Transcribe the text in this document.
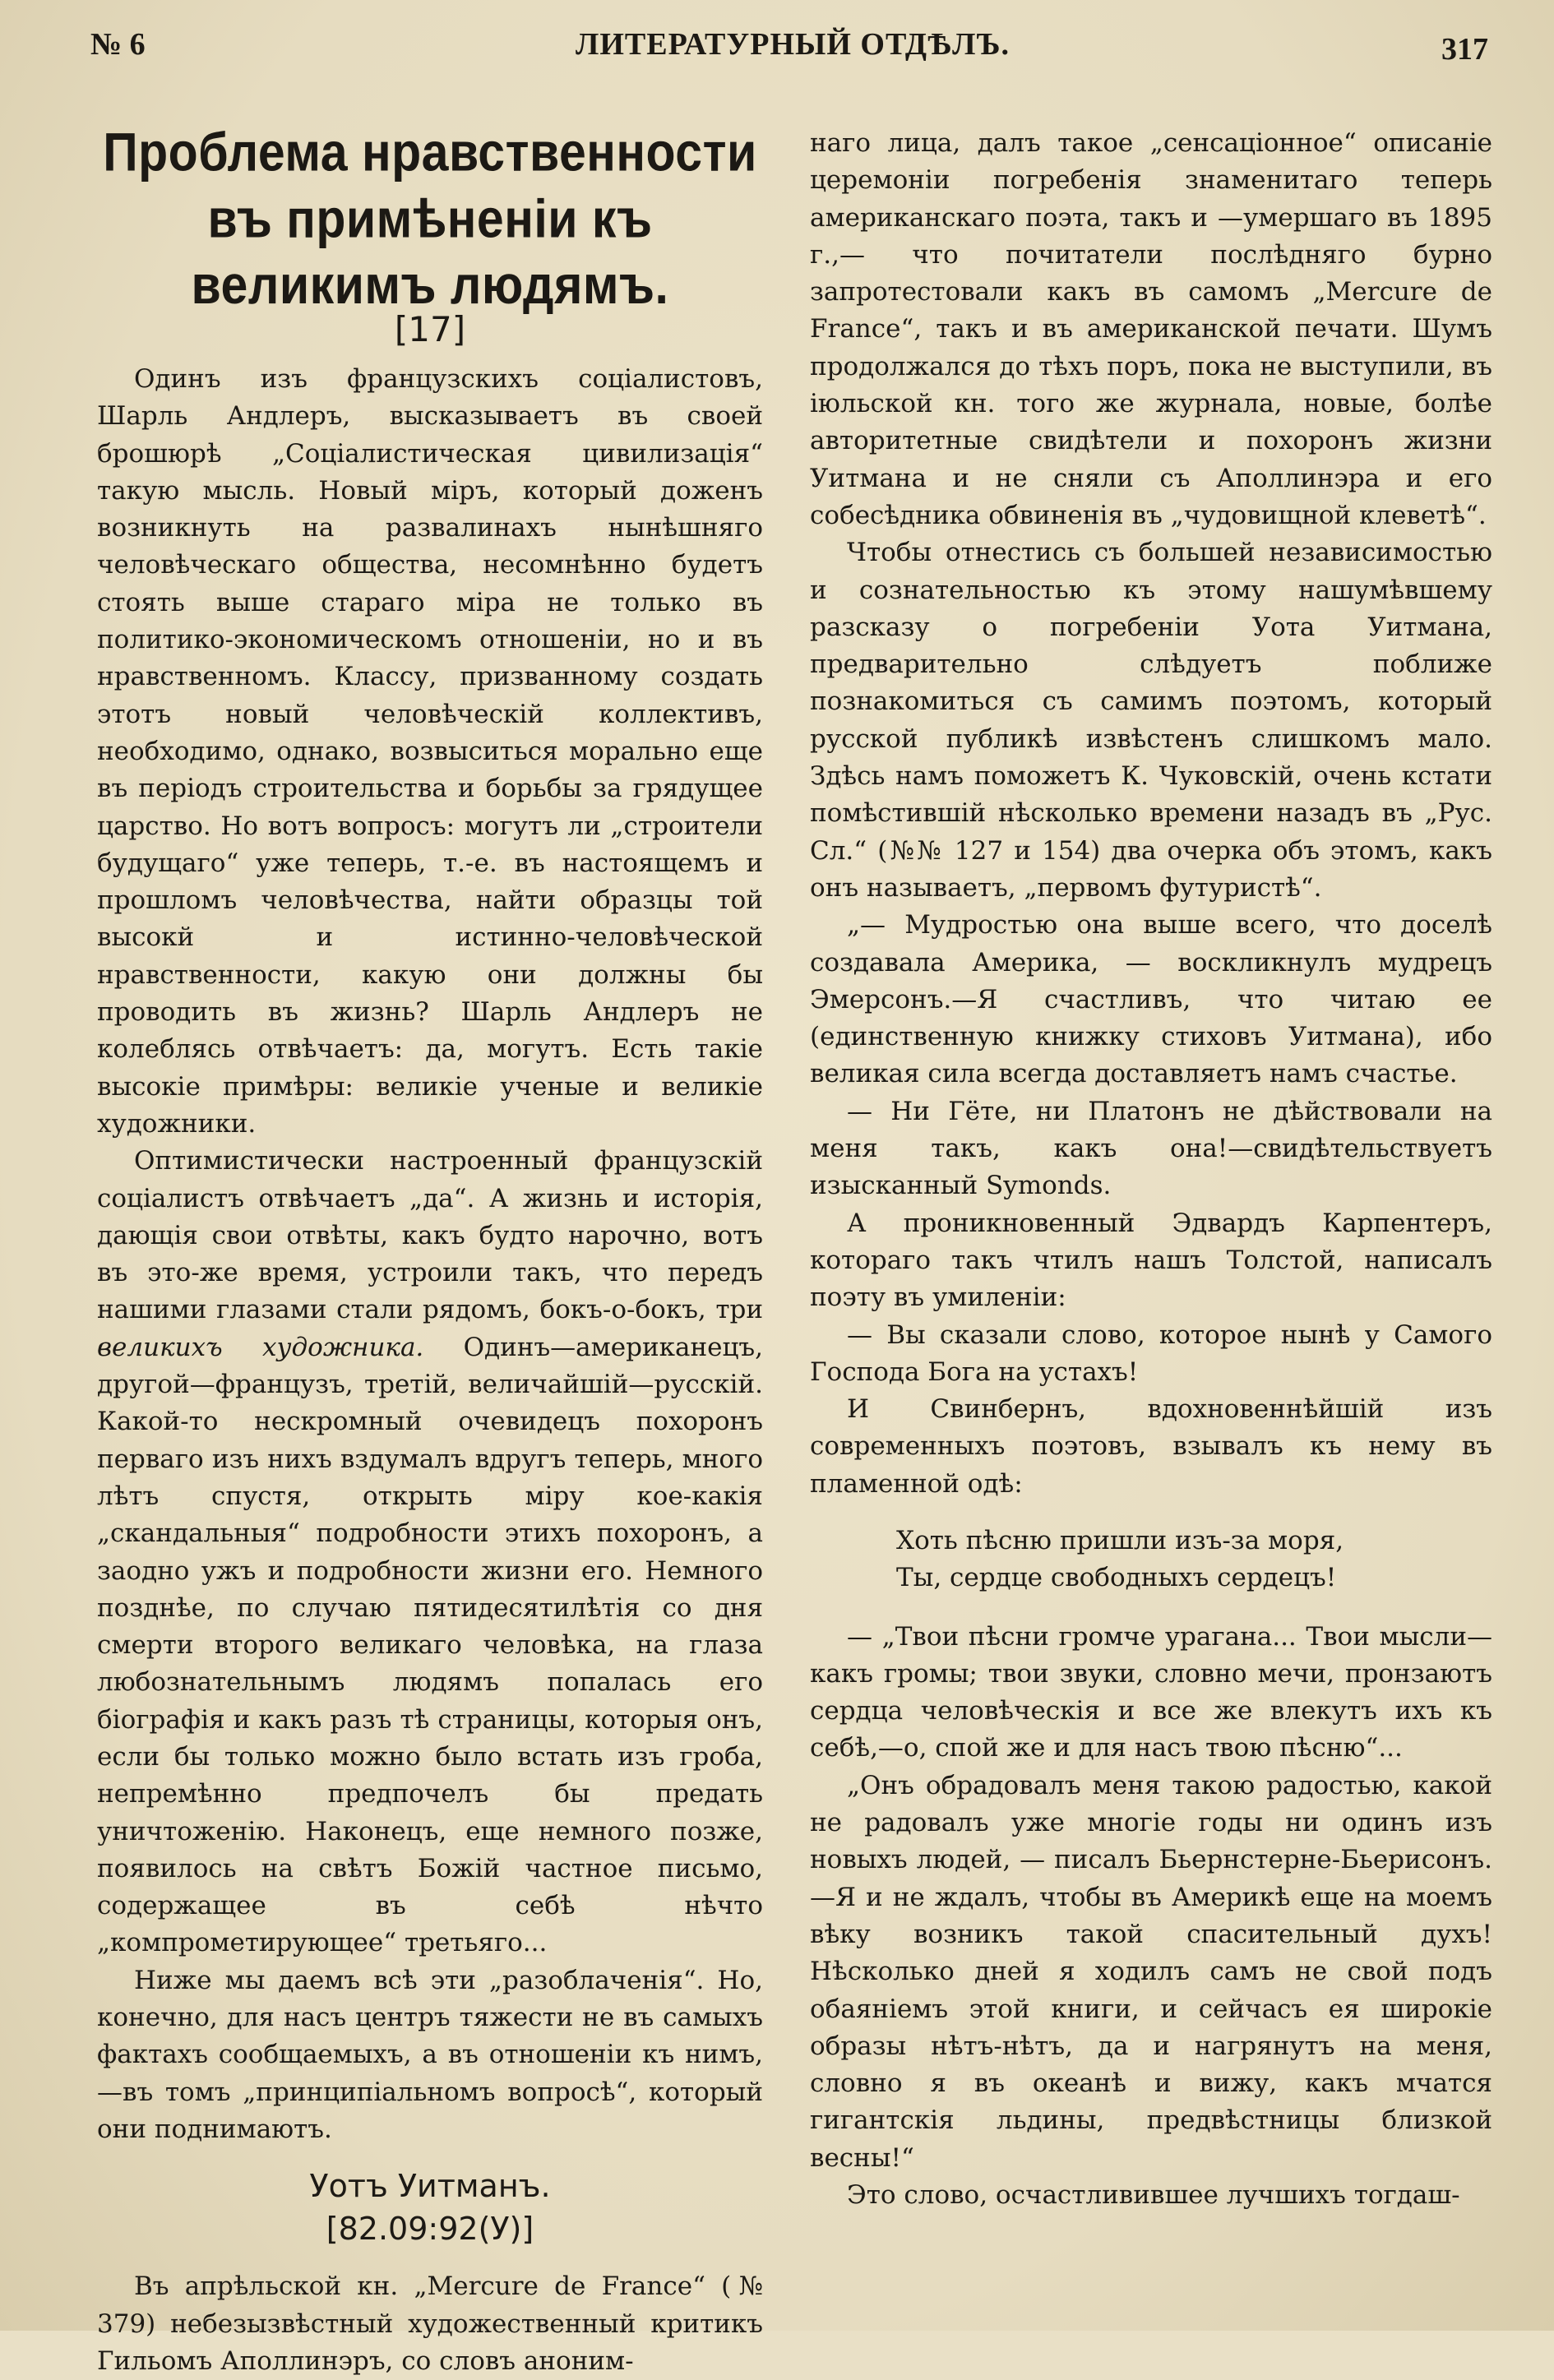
№ 6	ЛИТЕРАТУРНЫЙ ОТДѢЛЪ.	317
Проблема нравственности въ примѣненіи къ великимъ людямъ.
[17]

Одинъ изъ французскихъ соціалистовъ, Шарль Андлеръ, высказываетъ въ своей брошюрѣ „Соціалистическая цивилизація“ такую мысль. Новый міръ, который доженъ возникнуть на развалинахъ нынѣшняго человѣческаго общества, несомнѣнно будетъ стоять выше стараго міра не только въ политико-экономическомъ отношеніи, но и въ нравственномъ. Классу, призванному создать этотъ новый человѣческій коллективъ, необходимо, однако, возвыситься морально еще въ періодъ строительства и борьбы за грядущее царство. Но вотъ вопросъ: могутъ ли „строители будущаго“ уже теперь, т.-е. въ настоящемъ и прошломъ человѣчества, найти образцы той высокй и истинно-человѣческой нравственности, какую они должны бы проводить въ жизнь? Шарль Андлеръ не колеблясь отвѣчаетъ: да, могутъ. Есть такіе высокіе примѣры: великіе ученые и великіе художники.

Оптимистически настроенный французскій соціалистъ отвѣчаетъ „да“. А жизнь и исторія, дающія свои отвѣты, какъ будто нарочно, вотъ въ это-же время, устроили такъ, что передъ нашими глазами стали рядомъ, бокъ-о-бокъ, три великихъ художника. Одинъ—американецъ, другой—французъ, третій, величайшій—русскій. Какой-то нескромный очевидецъ похоронъ перваго изъ нихъ вздумалъ вдругъ теперь, много лѣтъ спустя, открыть міру кое-какія „скандальныя“ подробности этихъ похоронъ, а заодно ужъ и подробности жизни его. Немного позднѣе, по случаю пятидесятилѣтія со дня смерти второго великаго человѣка, на глаза любознательнымъ людямъ попалась его біографія и какъ разъ тѣ страницы, которыя онъ, если бы только можно было встать изъ гроба, непремѣнно предпочелъ бы предать уничтоженію. Наконецъ, еще немного позже, появилось на свѣтъ Божій частное письмо, содержащее въ себѣ нѣчто „компрометирующее“ третьяго...

Ниже мы даемъ всѣ эти „разоблаченія“. Но, конечно, для насъ центръ тяжести не въ самыхъ фактахъ сообщаемыхъ, а въ отношеніи къ нимъ,—въ томъ „принципіальномъ вопросѣ“, который они поднимаютъ.

Уотъ Уитманъ.
[82.09:92(У)]

Въ апрѣльской кн. „Mercure de France“ (№ 379) небезызвѣстный художественный критикъ Гильомъ Аполлинэръ, со словъ аноним-

наго лица, далъ такое „сенсаціонное“ описаніе церемоніи погребенія знаменитаго теперь американскаго поэта, такъ и —умершаго въ 1895 г.,— что почитатели послѣдняго бурно запротестовали какъ въ самомъ „Mercure de France“, такъ и въ американской печати. Шумъ продолжался до тѣхъ поръ, пока не выступили, въ іюльской кн. того же журнала, новые, болѣе авторитетные свидѣтели и похоронъ жизни Уитмана и не сняли съ Аполлинэра и его собесѣдника обвиненія въ „чудовищной клеветѣ“.

Чтобы отнестись съ большей независимостью и сознательностью къ этому нашумѣвшему разсказу о погребеніи Уота Уитмана, предварительно слѣдуетъ поближе познакомиться съ самимъ поэтомъ, который русской публикѣ извѣстенъ слишкомъ мало. Здѣсь намъ поможетъ К. Чуковскій, очень кстати помѣстившій нѣсколько времени назадъ въ „Рус. Сл.“ (№№ 127 и 154) два очерка объ этомъ, какъ онъ называетъ, „первомъ футуристѣ“.

„— Мудростью она выше всего, что доселѣ создавала Америка, — воскликнулъ мудрецъ Эмерсонъ.—Я счастливъ, что читаю ее (единственную книжку стиховъ Уитмана), ибо великая сила всегда доставляетъ намъ счастье.

— Ни Гёте, ни Платонъ не дѣйствовали на меня такъ, какъ она!—свидѣтельствуетъ изысканный Symonds.

А проникновенный Эдвардъ Карпентеръ, котораго такъ чтилъ нашъ Толстой, написалъ поэту въ умиленіи:

— Вы сказали слово, которое нынѣ у Самого Господа Бога на устахъ!

И Свинбернъ, вдохновеннѣйшій изъ современныхъ поэтовъ, взывалъ къ нему въ пламенной одѣ:

Хоть пѣсню пришли изъ-за моря,
Ты, сердце свободныхъ сердецъ!

— „Твои пѣсни громче урагана... Твои мысли—какъ громы; твои звуки, словно мечи, пронзаютъ сердца человѣческія и все же влекутъ ихъ къ себѣ,—о, спой же и для насъ твою пѣсню“...

„Онъ обрадовалъ меня такою радостью, какой не радовалъ уже многіе годы ни одинъ изъ новыхъ людей, — писалъ Бьернстерне-Бьерисонъ.—Я и не ждалъ, чтобы въ Америкѣ еще на моемъ вѣку возникъ такой спасительный духъ! Нѣсколько дней я ходилъ самъ не свой подъ обаяніемъ этой книги, и сейчасъ ея широкіе образы нѣтъ-нѣтъ, да и нагрянутъ на меня, словно я въ океанѣ и вижу, какъ мчатся гигантскія льдины, предвѣстницы близкой весны!“

Это слово, осчастливившее лучшихъ тогдаш-
